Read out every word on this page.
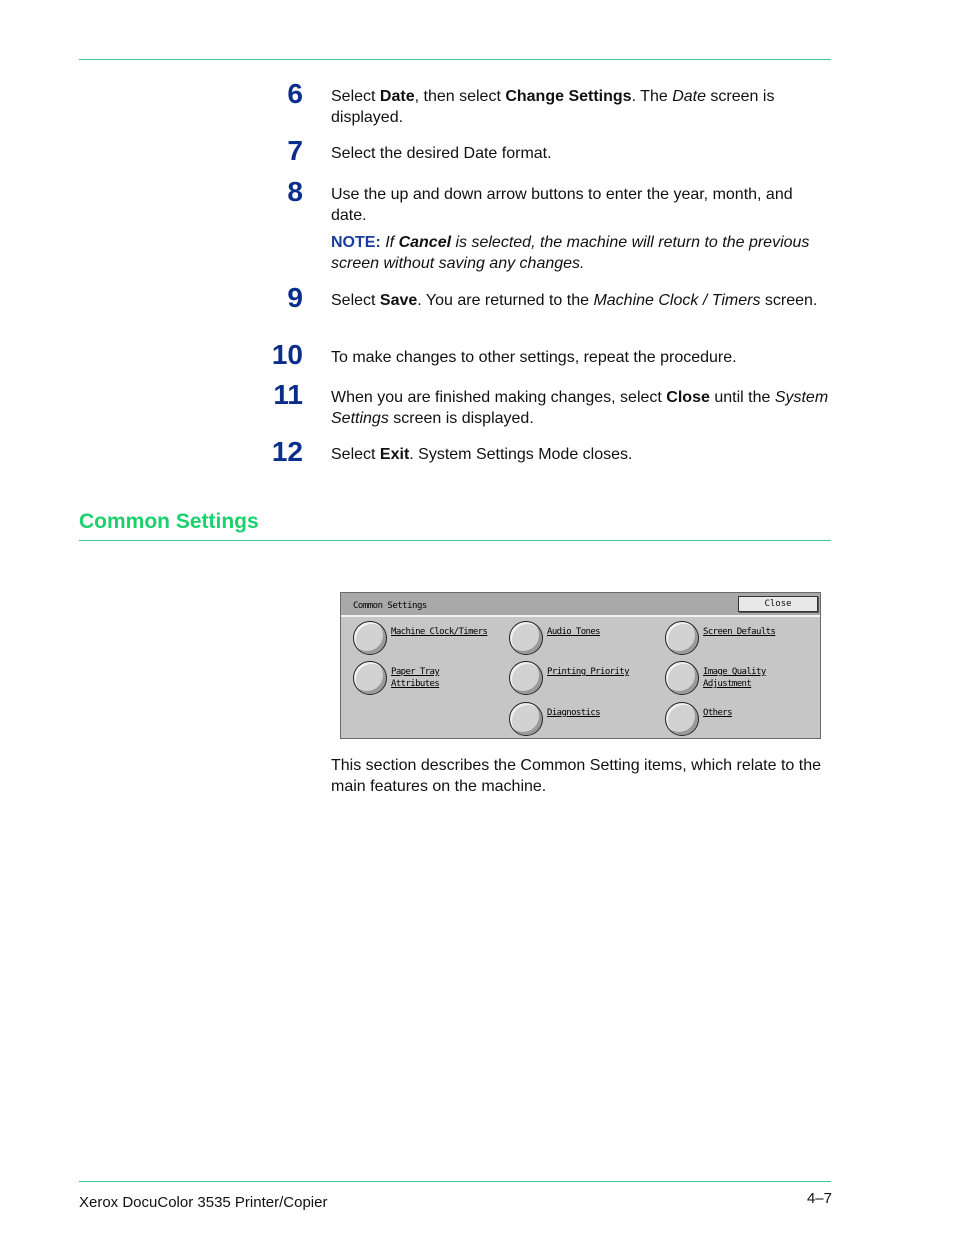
6 Select Date, then select Change Settings. The Date screen is displayed.
7 Select the desired Date format.
8 Use the up and down arrow buttons to enter the year, month, and date.
NOTE: If Cancel is selected, the machine will return to the previous screen without saving any changes.
9 Select Save. You are returned to the Machine Clock / Timers screen.
10 To make changes to other settings, repeat the procedure.
11 When you are finished making changes, select Close until the System Settings screen is displayed.
12 Select Exit. System Settings Mode closes.
Common Settings
Common Settings	Close
Machine Clock/Timers	Audio Tones	Screen Defaults
Paper Tray
Attributes
Printing Priority	Image Quality
Adjustment
Diagnostics	Others
This section describes the Common Setting items, which relate to the main features on the machine.
Xerox DocuColor 3535 Printer/Copier	4–7
